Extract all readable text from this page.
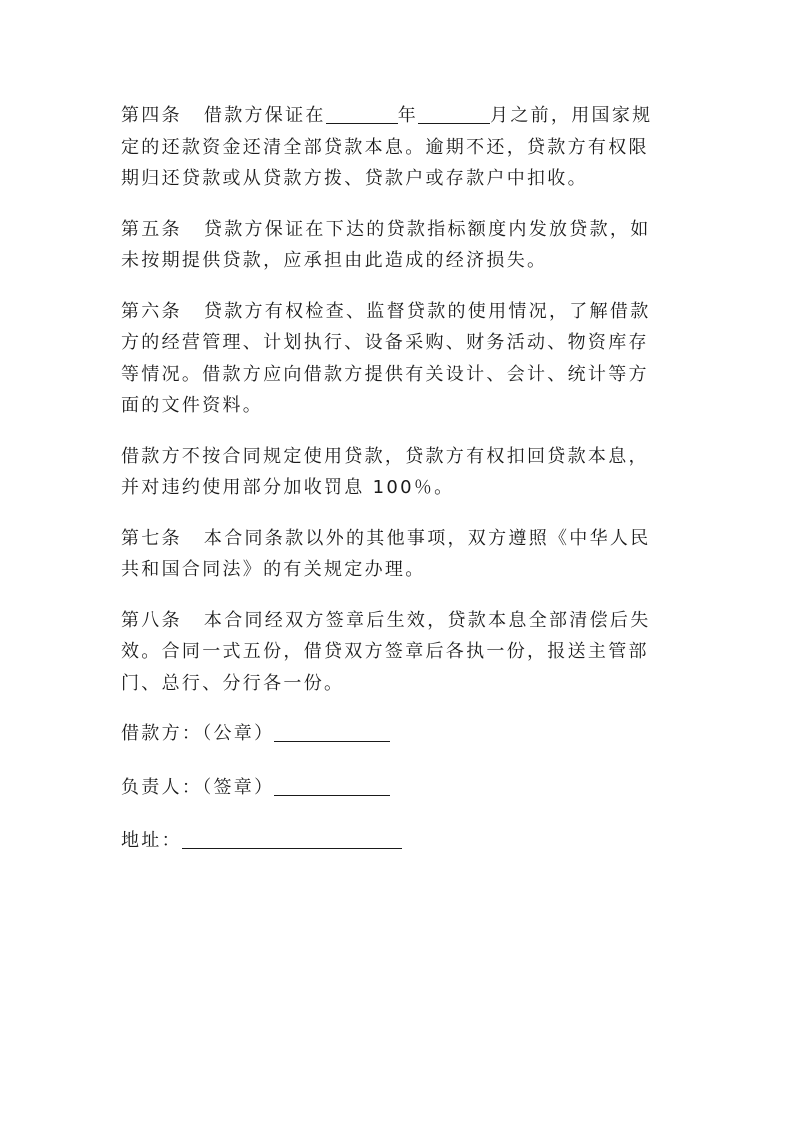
第四条 借款方保证在	年	月之前，用国家规
定的还款资金还清全部贷款本息。逾期不还，贷款方有权限
期归还贷款或从贷款方拨、贷款户或存款户中扣收。

第五条 贷款方保证在下达的贷款指标额度内发放贷款，如
未按期提供贷款，应承担由此造成的经济损失。

第六条 贷款方有权检查、监督贷款的使用情况，了解借款
方的经营管理、计划执行、设备采购、财务活动、物资库存
等情况。借款方应向借款方提供有关设计、会计、统计等方
面的文件资料。

借款方不按合同规定使用贷款，贷款方有权扣回贷款本息，
并对违约使用部分加收罚息 100％。

第七条 本合同条款以外的其他事项，双方遵照《中华人民
共和国合同法》的有关规定办理。

第八条 本合同经双方签章后生效，贷款本息全部清偿后失
效。合同一式五份，借贷双方签章后各执一份，报送主管部
门、总行、分行各一份。

借款方：（公章）
负责人：（签章）
地址：
